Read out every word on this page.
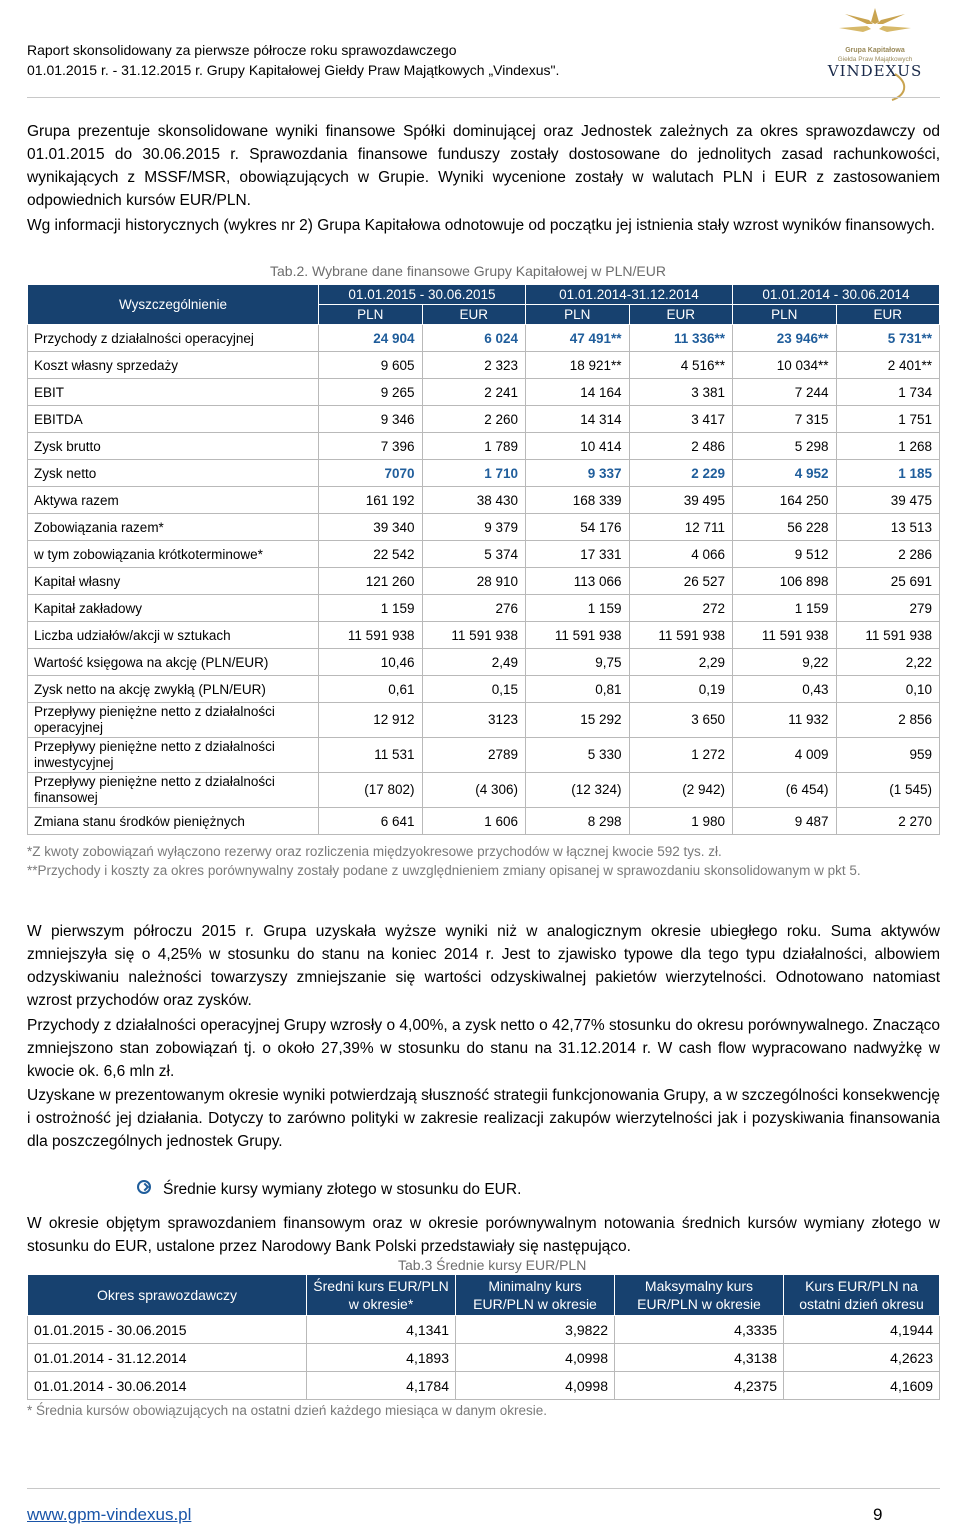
Raport skonsolidowany za pierwsze półrocze roku sprawozdawczego
01.01.2015 r. - 31.12.2015 r. Grupy Kapitałowej Giełdy Praw Majątkowych „Vindexus".
Grupa Kapitałowa
Giełda Praw Majątkowych
VINDEXUS
Grupa prezentuje skonsolidowane wyniki finansowe Spółki dominującej oraz Jednostek zależnych za okres sprawozdawczy od 01.01.2015 do 30.06.2015 r. Sprawozdania finansowe funduszy zostały dostosowane do jednolitych zasad rachunkowości, wynikających z MSSF/MSR, obowiązujących w Grupie. Wyniki wycenione zostały w walutach PLN i EUR z zastosowaniem odpowiednich kursów EUR/PLN.
Wg informacji historycznych (wykres nr 2) Grupa Kapitałowa odnotowuje od początku jej istnienia stały wzrost wyników finansowych.
Tab.2. Wybrane dane finansowe Grupy Kapitałowej w PLN/EUR
Wyszczególnienie	01.01.2015 - 30.06.2015		01.01.2014-31.12.2014		01.01.2014 - 30.06.2014	
	PLN	EUR	PLN	EUR	PLN	EUR
Przychody z działalności operacyjnej	24 904	6 024	47 491**	11 336**	23 946**	5 731**
Koszt własny sprzedaży	9 605	2 323	18 921**	4 516**	10 034**	2 401**
EBIT	9 265	2 241	14 164	3 381	7 244	1 734
EBITDA	9 346	2 260	14 314	3 417	7 315	1 751
Zysk brutto	7 396	1 789	10 414	2 486	5 298	1 268
Zysk netto	7070	1 710	9 337	2 229	4 952	1 185
Aktywa razem	161 192	38 430	168 339	39 495	164 250	39 475
Zobowiązania razem*	39 340	9 379	54 176	12 711	56 228	13 513
w tym zobowiązania krótkoterminowe*	22 542	5 374	17 331	4 066	9 512	2 286
Kapitał własny	121 260	28 910	113 066	26 527	106 898	25 691
Kapitał zakładowy	1 159	276	1 159	272	1 159	279
Liczba udziałów/akcji w sztukach	11 591 938	11 591 938	11 591 938	11 591 938	11 591 938	11 591 938
Wartość księgowa na akcję (PLN/EUR)	10,46	2,49	9,75	2,29	9,22	2,22
Zysk netto na akcję zwykłą (PLN/EUR)	0,61	0,15	0,81	0,19	0,43	0,10
Przepływy pieniężne netto z działalności operacyjnej	12 912	3123	15 292	3 650	11 932	2 856
Przepływy pieniężne netto z działalności inwestycyjnej	11 531	2789	5 330	1 272	4 009	959
Przepływy pieniężne netto z działalności finansowej	(17 802)	(4 306)	(12 324)	(2 942)	(6 454)	(1 545)
Zmiana stanu środków pieniężnych	6 641	1 606	8 298	1 980	9 487	2 270
*Z kwoty zobowiązań wyłączono rezerwy oraz rozliczenia międzyokresowe przychodów w łącznej kwocie 592 tys. zł.
**Przychody i koszty za okres porównywalny zostały podane z uwzględnieniem zmiany opisanej w sprawozdaniu skonsolidowanym w pkt 5.
W pierwszym półroczu 2015 r. Grupa uzyskała wyższe wyniki niż w analogicznym okresie ubiegłego roku. Suma aktywów zmniejszyła się o 4,25% w stosunku do stanu na koniec 2014 r. Jest to zjawisko typowe dla tego typu działalności, albowiem odzyskiwaniu należności towarzyszy zmniejszanie się wartości odzyskiwalnej pakietów wierzytelności. Odnotowano natomiast wzrost przychodów oraz zysków.
Przychody z działalności operacyjnej Grupy wzrosły o 4,00%, a zysk netto o 42,77% stosunku do okresu porównywalnego. Znacząco zmniejszono stan zobowiązań tj. o około 27,39% w stosunku do stanu na 31.12.2014 r. W cash flow wypracowano nadwyżkę w kwocie ok. 6,6 mln zł.
Uzyskane w prezentowanym okresie wyniki potwierdzają słuszność strategii funkcjonowania Grupy, a w szczególności konsekwencję i ostrożność jej działania. Dotyczy to zarówno polityki w zakresie realizacji zakupów wierzytelności jak i pozyskiwania finansowania dla poszczególnych jednostek Grupy.
Średnie kursy wymiany złotego w stosunku do EUR.
W okresie objętym sprawozdaniem finansowym oraz w okresie porównywalnym notowania średnich kursów wymiany złotego w stosunku do EUR, ustalone przez Narodowy Bank Polski przedstawiały się następująco.
Tab.3 Średnie kursy EUR/PLN
Okres sprawozdawczy	Średni kurs EUR/PLN w okresie*	Minimalny kurs EUR/PLN w okresie	Maksymalny kurs EUR/PLN w okresie	Kurs EUR/PLN na ostatni dzień okresu
01.01.2015 - 30.06.2015	4,1341	3,9822	4,3335	4,1944
01.01.2014 - 31.12.2014	4,1893	4,0998	4,3138	4,2623
01.01.2014 - 30.06.2014	4,1784	4,0998	4,2375	4,1609
* Średnia kursów obowiązujących na ostatni dzień każdego miesiąca w danym okresie.
www.gpm-vindexus.pl	9
